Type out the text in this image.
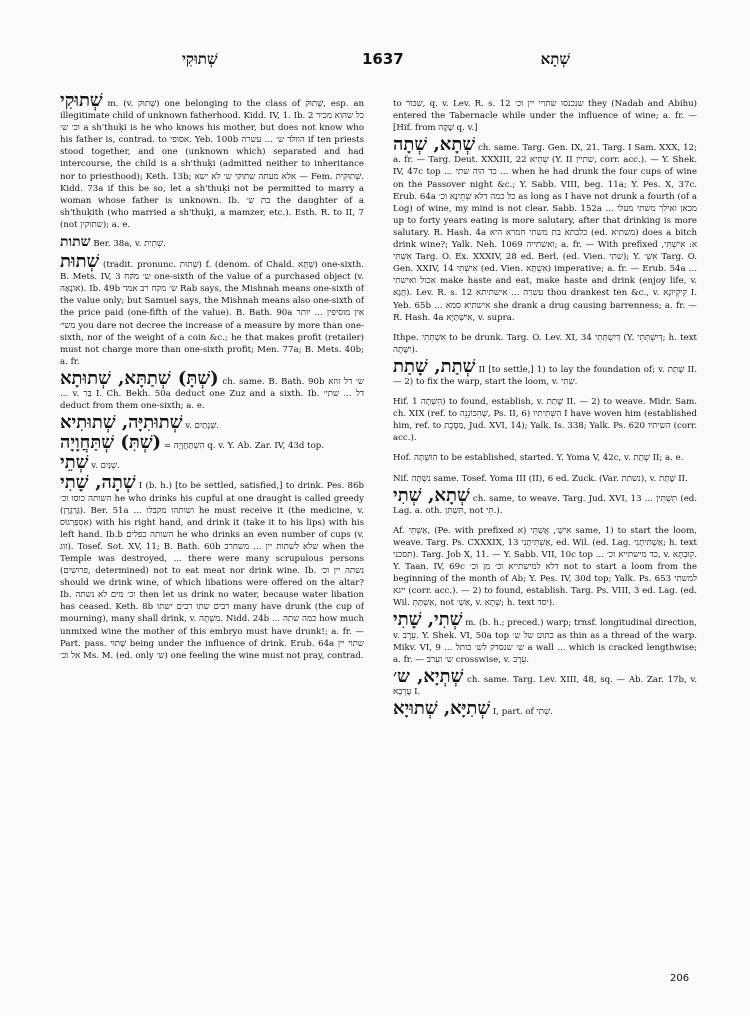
שְׁתוּקִי	1637	שְׁתָא

שְׁתוּקִי m. (v. שְׁתוּק) one belonging to the class of שְׁתוּק, esp. an illegitimate child of unknown fatherhood. Kidd. IV, 1. Ib. 2 כל שהוא מכיר וכ׳ ש׳ a sh'thuḳi is he who knows his mother, but does not know who his father is, contrad. to אסופי. Yeb. 100b הוולד ש׳ ... עשרה if ten priests stood together, and one (unknown which) separated and had intercourse, the child is a sh'thuḳi (admitted neither to inheritance nor to priesthood); Keth. 13b; אלא מעתה שתוקי ש׳ לא ישא — Fem. שְׁתוּקִית. Kidd. 73a if this be so, let a sh'thuḳi not be permitted to marry a woman whose father is unknown. Ib. בת ש׳ the daughter of a sh'thuḳith (who married a sh'thuḳi, a mamzer, etc.). Esth. R. to II, 7 (not שתוקין); a. e.

שתות Ber. 38a, v. שְׁתִית.

שְׁתוּת (tradit. pronunc. שְׁתוּת) f. (denom. of Chald. שְׁתָּא) one-sixth. B. Mets. IV, 3 ש׳ מקח one-sixth of the value of a purchased object (v. אוֹנָאָה). Ib. 49b ש׳ מקח רב אמר Rab says, the Mishnah means one-sixth of the value only; but Samuel says, the Mishnah means also one-sixth of the price paid (one-fifth of the value). B. Bath. 90a אין מוסיפין ... יותר משי׳ you dare not decree the increase of a measure by more than one-sixth, nor of the weight of a coin &c.; he that makes profit (retailer) must not charge more than one-sixth profit; Men. 77a; B. Mets. 40b; a. fr.

(שְׁתָּ) שְׁתַתָּא, שְׁתוּתָא ch. same. B. Bath. 90b ש׳ דל זוזא ... v. בַּר I. Ch. Bekh. 50a deduct one Zuz and a sixth. Ib. דל ... שתי׳ deduct from them one-sixth; a. e.

שְׁתוּתִיָּה, שְׁתוּתִיא v. שְׁנָתַיִם.

(שְׁתִּ) שְׁתַּחֲוָיָה = הִשְׁתַּחֲוָיָה q. v. Y. Ab. Zar. IV, 43d top.

שְׁתֵי v. שְׁנַיִם.

שְׁתָה, שָׁתִי I (b. h.) [to be settled, satisfied,] to drink. Pes. 86b השותה כוסו וכ׳ he who drinks his cupful at one draught is called greedy (גַּרְגְּרָן). Ber. 51a ... ושותהו מקבלו he must receive it (the medicine, v. אִסְפַּרְגוֹס) with his right hand, and drink it (take it to his lips) with his left hand. Ib.b השותה כפלים he who drinks an even number of cups (v. זוּג). Tosef. Sot. XV, 11; B. Bath. 60b שלא לשתות יין ... משחרב when the Temple was destroyed, ... there were many scrupulous persons (פרושים, determined) not to eat meat nor drink wine. Ib. נשתה יין וכ׳ should we drink wine, of which libations were offered on the altar? Ib. וכ׳ מים לא נשתה then let us drink no water, because water libation has ceased. Keth. 8b רבים שתו רבים ישתו many have drunk (the cup of mourning), many shall drink, v. מִשְׁתֶּה. Nidd. 24b ... כמה שתה how much unmixed wine the mother of this embryo must have drunk!; a. fr. — Part. pass. שָׁתוּי being under the influence of drink. Erub. 64a שתוי יין אל וכ׳ Ms. M. (ed. only ש׳) one feeling the wine must not pray, contrad.

to שִׁכּוֹר, q. v. Lev. R. s. 12 שנכנסו שתויי יין וכ׳ they (Nadab and Abihu) entered the Tabernacle while under the influence of wine; a. fr. — [Hif. from שָׁקָה q. v.]

שְׁתָא, שְׁתָה ch. same. Targ. Gen. IX, 21. Targ. I Sam. XXX, 12; a. fr. — Targ. Deut. XXXIII, 22 שְׁתֵיא (Y. II שתיין, corr. acc.). — Y. Shek. IV, 47c top ... כד הוה שתי ... when he had drunk the four cups of wine on the Passover night &c.; Y. Sabb. VIII, beg. 11a; Y. Pes. X, 37c. Erub. 64a כל כמה דלא שְׁתֵינָא וכ׳ as long as I have not drunk a fourth (of a Log) of wine, my mind is not clear. Sabb. 152a ... מכאן ואילך משתי מעלי up to forty years eating is more salutary, after that drinking is more salutary. R. Hash. 4a כלבתא בת משתי חמרא היא (ed. משתיא) does a bitch drink wine?; Yalk. Neh. 1069 ואשתייה; a. fr. — With prefixed א: אִישְׁתִּי, אִשְׁתִּי Targ. O. Ex. XXXIV, 28 ed. Berl. (ed. Vien. שתי); Y. אִשְׁ׳ Targ. O. Gen. XXIV, 14 אִישְׁתִּי (ed. Vien. אִשְׁתָּא) imperative; a. fr. — Erub. 54a ... אכול ואישתי make haste and eat, make haste and drink (enjoy life, v. חֲגָא). Lev. R. s. 12 עשרה ... אישתיתא thou drankest ten &c., v. קִיקְיוֹנָא I. Yeb. 65b ... אישתיא סמא she drank a drug causing barrenness; a. fr. — R. Hash. 4a אִישְׁתַּיָּא, v. supra.

Ithpe. אִשְׁתְּתֵי to be drunk. Targ. O. Lev. XI, 34 דְּיִשְׁתְּתֵי (Y. דְּיִשְׁתְּתֵי; h. text יִשָּׁתֶה).

שְׁתַת, שָׁתַת II [to settle,] 1) to lay the foundation of; v. שָׁתַת II. — 2) to fix the warp, start the loom, v. שְׁתִי.

Hif. הִשְׁתָּה 1) to found, establish, v. שָׁתַת II. — 2) to weave. Midr. Sam. ch. XIX (ref. to שֶׁהִכּוֹנְנֵה, Ps. II, 6) הִשְׁתִּיתִיו I have woven him (established him, ref. to מַסֶּכֶת, Jud. XVI, 14); Yalk. Is. 338; Yalk. Ps. 620 השיתיו (corr. acc.).

Hof. הוּשְׁתָּה to be established, started. Y. Yoma V, 42c, v. שָׁתַת II; a. e.

Nif. נִשְׁתָּה same. Tosef. Yoma III (II), 6 ed. Zuck. (Var. נשתת), v. שָׁתַת II.

שְׁתָא, שְׁתִי ch. same, to weave. Targ. Jud. XVI, 13 ... תִּשְׁתִּין (ed. Lag. a. oth. תִּשְׁתֵּן, not תֵּי.).

Af. אַשְׁתִּי, (Pe. with prefixed א) אִישְׁ׳, אֲשְׁתֵּי same, 1) to start the loom, weave. Targ. Ps. CXXXIX, 13 אַשְׁתִּיתָנִי, ed. Wil. (ed. Lag. אַשְׁתִּיתָנִי; h. text תסכני). Targ. Job X, 11. — Y. Sabb. VII, 10c top ... כד מישתייא וכ׳, v. קִוּבְתָא. Y. Taan. IV, 69c דלא למישתייא וכ׳ מן וכ׳ not to start a loom from the beginning of the month of Ab; Y. Pes. IV, 30d top; Yalk. Ps. 653 למשתי ייגא (corr. acc.). — 2) to found, establish. Targ. Ps. VIII, 3 ed. Lag. (ed. Wil. אַשְׁתַּתְּ, not אַשְׁ׳, v. שְׁתָא; h. text יסד).

שְׁתִי, שָׁתִי m. (b. h.; preced.) warp; trnsf. longitudinal direction, v. עֵרֶב. Y. Shek. VI, 50a top כתוט של ש׳ as thin as a thread of the warp. Mikv. VI, 9 ... ש׳ שנסדק לש׳ כותל a wall ... which is cracked lengthwise; a. fr. — ש׳ וערב crosswise, v. עֵרֶב.

שְׁתְיָא, ש׳ ch. same. Targ. Lev. XIII, 48, sq. — Ab. Zar. 17b, v. עֲרְבָא I.

שְׁתִיָּא, שְׁתוּיָא I, part. of שְׁתִי.

206
